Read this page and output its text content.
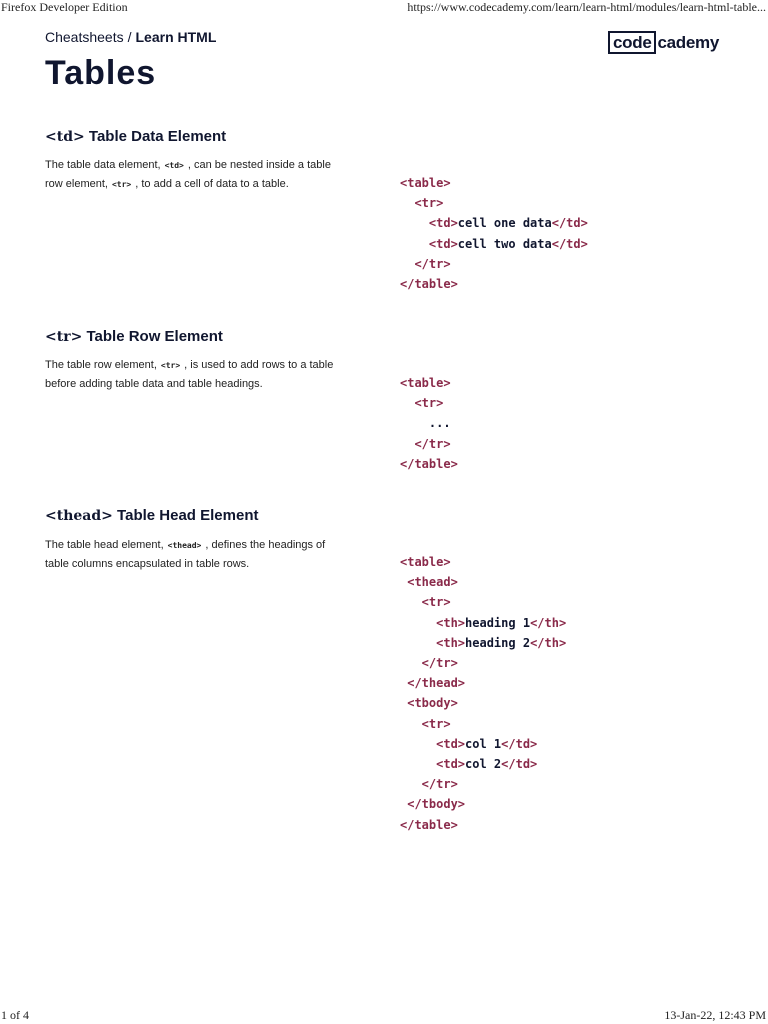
Firefox Developer Edition	https://www.codecademy.com/learn/learn-html/modules/learn-html-table...
Cheatsheets / Learn HTML	code cademy
Tables
<td> Table Data Element

The table data element, <td> , can be nested inside a table row element, <tr> , to add a cell of data to a table.	<table>
<tr>
<td>cell one data</td>
<td>cell two data</td>
</tr>
</table>
<tr> Table Row Element

The table row element, <tr> , is used to add rows to a table before adding table data and table headings.	<table>
<tr>
...
</tr>
</table>
<thead> Table Head Element

The table head element, <thead> , defines the headings of table columns encapsulated in table rows.	<table>
<thead>
<tr>
<th>heading 1</th>
<th>heading 2</th>
</tr>
</thead>
<tbody>
<tr>
<td>col 1</td>
<td>col 2</td>
</tr>
</tbody>
</table>
1 of 4	13-Jan-22, 12:43 PM
